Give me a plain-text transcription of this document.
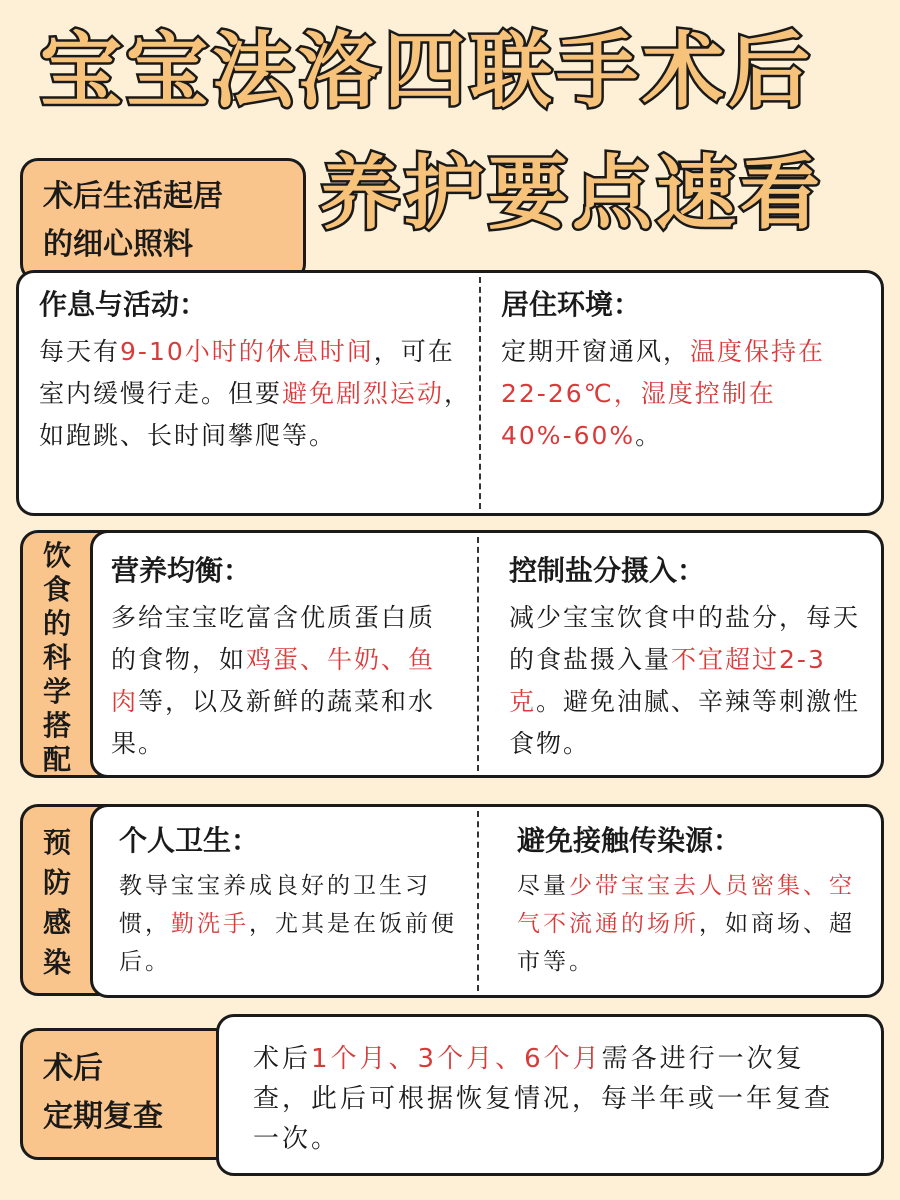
宝宝法洛四联手术后
养护要点速看
术后生活起居
的细心照料
作息与活动：

每天有9-10小时的休息时间，可在室内缓慢行走。但要避免剧烈运动，如跑跳、长时间攀爬等。

居住环境：

定期开窗通风，温度保持在22-26℃，湿度控制在40%-60%。

饮食的科学搭配
营养均衡：

多给宝宝吃富含优质蛋白质的食物，如鸡蛋、牛奶、鱼肉等，以及新鲜的蔬菜和水果。

控制盐分摄入：

减少宝宝饮食中的盐分，每天的食盐摄入量不宜超过2-3克。避免油腻、辛辣等刺激性食物。

预防感染
个人卫生：

教导宝宝养成良好的卫生习惯，勤洗手，尤其是在饭前便后。

避免接触传染源：

尽量少带宝宝去人员密集、空气不流通的场所，如商场、超市等。

术后
定期复查

术后1个月、3个月、6个月需各进行一次复查，此后可根据恢复情况，每半年或一年复查一次。
